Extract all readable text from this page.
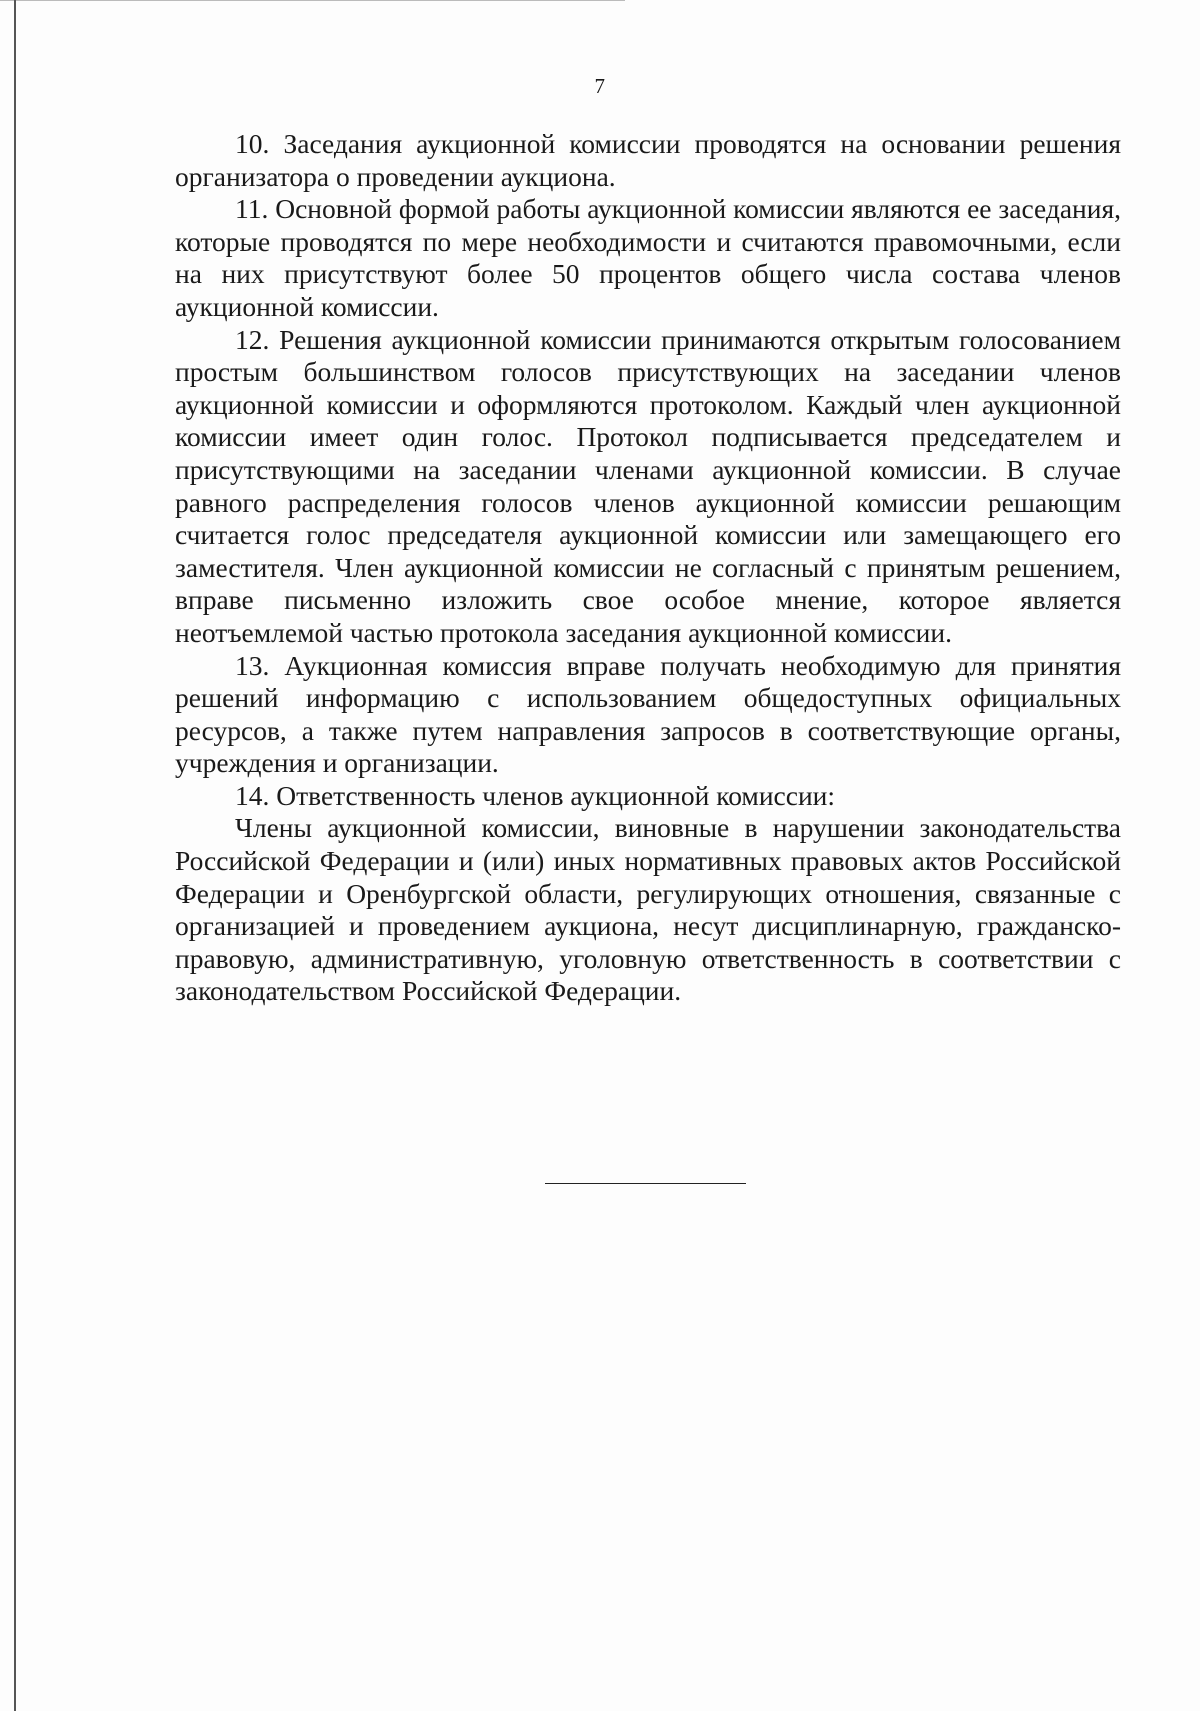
7

10. Заседания аукционной комиссии проводятся на основании решения организатора о проведении аукциона.

11. Основной формой работы аукционной комиссии являются ее заседания, которые проводятся по мере необходимости и считаются правомочными, если на них присутствуют более 50 процентов общего числа состава членов аукционной комиссии.

12. Решения аукционной комиссии принимаются открытым голосованием простым большинством голосов присутствующих на заседании членов аукционной комиссии и оформляются протоколом. Каждый член аукционной комиссии имеет один голос. Протокол подписывается председателем и присутствующими на заседании членами аукционной комиссии. В случае равного распределения голосов членов аукционной комиссии решающим считается голос председателя аукционной комиссии или замещающего его заместителя. Член аукционной комиссии не согласный с принятым решением, вправе письменно изложить свое особое мнение, которое является неотъемлемой частью протокола заседания аукционной комиссии.

13. Аукционная комиссия вправе получать необходимую для принятия решений информацию с использованием общедоступных официальных ресурсов, а также путем направления запросов в соответствующие органы, учреждения и организации.

14. Ответственность членов аукционной комиссии:

Члены аукционной комиссии, виновные в нарушении законодательства Российской Федерации и (или) иных нормативных правовых актов Российской Федерации и Оренбургской области, регулирующих отношения, связанные с организацией и проведением аукциона, несут дисциплинарную, гражданско-правовую, административную, уголовную ответственность в соответствии с законодательством Российской Федерации.
